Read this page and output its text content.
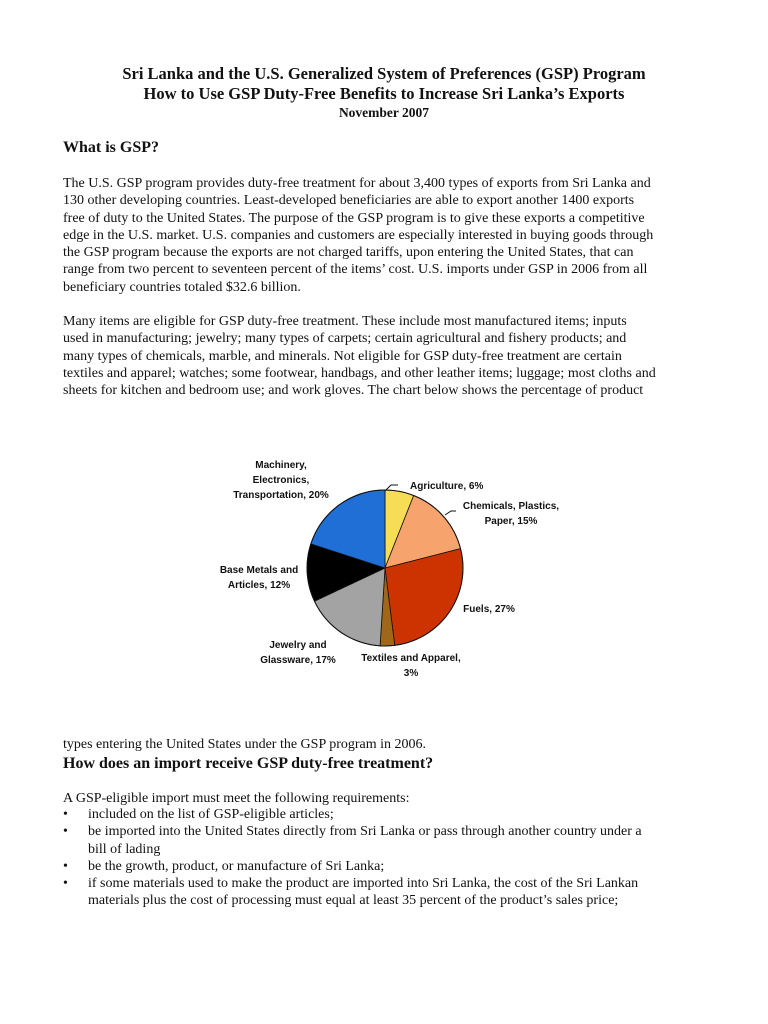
Sri Lanka and the U.S. Generalized System of Preferences (GSP) Program
How to Use GSP Duty-Free Benefits to Increase Sri Lanka’s Exports
November 2007
What is GSP?
The U.S. GSP program provides duty-free treatment for about 3,400 types of exports from Sri Lanka and
130 other developing countries. Least-developed beneficiaries are able to export another 1400 exports
free of duty to the United States. The purpose of the GSP program is to give these exports a competitive
edge in the U.S. market. U.S. companies and customers are especially interested in buying goods through
the GSP program because the exports are not charged tariffs, upon entering the United States, that can
range from two percent to seventeen percent of the items’ cost. U.S. imports under GSP in 2006 from all
beneficiary countries totaled $32.6 billion.
Many items are eligible for GSP duty-free treatment. These include most manufactured items; inputs
used in manufacturing; jewelry; many types of carpets; certain agricultural and fishery products; and
many types of chemicals, marble, and minerals. Not eligible for GSP duty-free treatment are certain
textiles and apparel; watches; some footwear, handbags, and other leather items; luggage; most cloths and
sheets for kitchen and bedroom use; and work gloves. The chart below shows the percentage of product
Agriculture, 6%
Chemicals, Plastics, Paper, 15%
Fuels, 27%
Textiles and Apparel, 3%
Jewelry and Glassware, 17%
Base Metals and Articles, 12%
Machinery, Electronics, Transportation, 20%
types entering the United States under the GSP program in 2006.
How does an import receive GSP duty-free treatment?
A GSP-eligible import must meet the following requirements:
• included on the list of GSP-eligible articles;
• be imported into the United States directly from Sri Lanka or pass through another country under a
bill of lading
• be the growth, product, or manufacture of Sri Lanka;
• if some materials used to make the product are imported into Sri Lanka, the cost of the Sri Lankan
materials plus the cost of processing must equal at least 35 percent of the product’s sales price;
